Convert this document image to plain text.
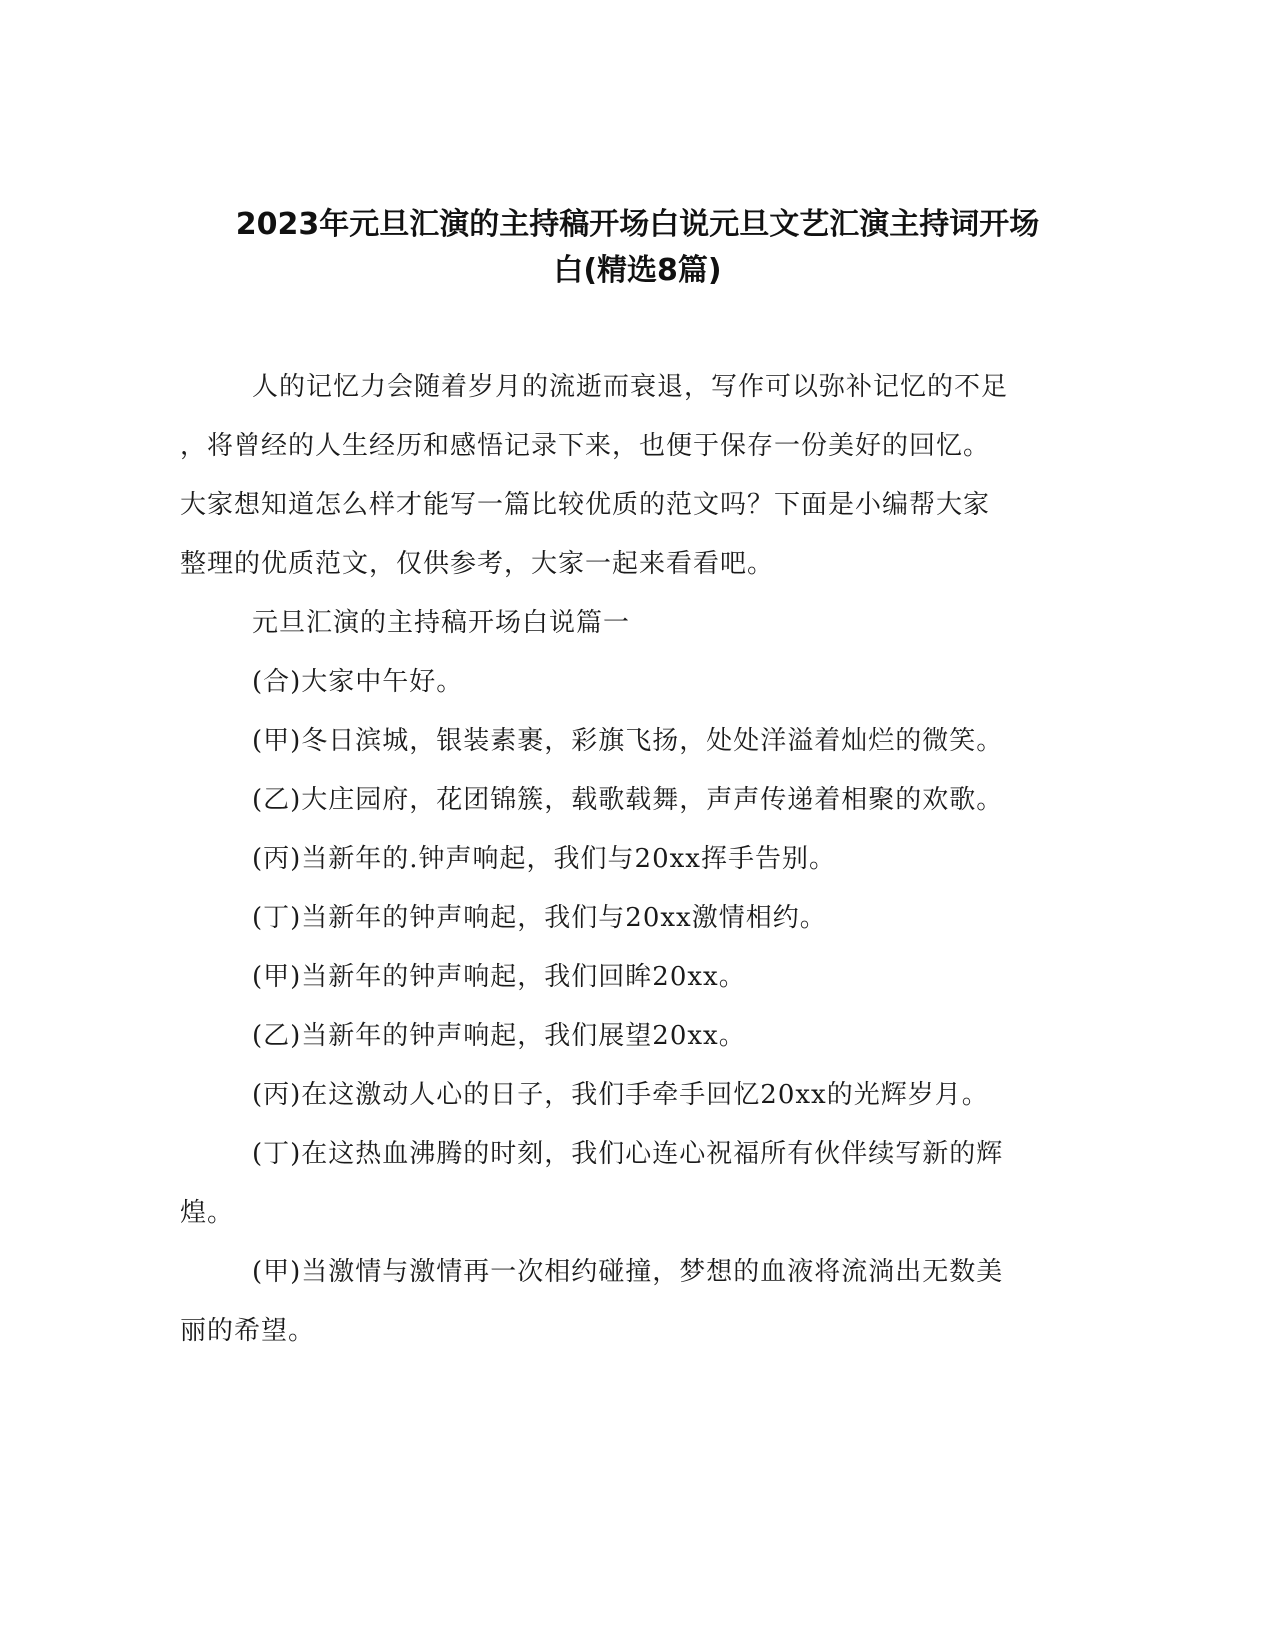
2023年元旦汇演的主持稿开场白说元旦文艺汇演主持词开场
白(精选8篇)

人的记忆力会随着岁月的流逝而衰退，写作可以弥补记忆的不足
，将曾经的人生经历和感悟记录下来，也便于保存一份美好的回忆。
大家想知道怎么样才能写一篇比较优质的范文吗？下面是小编帮大家
整理的优质范文，仅供参考，大家一起来看看吧。

元旦汇演的主持稿开场白说篇一

(合)大家中午好。

(甲)冬日滨城，银装素裹，彩旗飞扬，处处洋溢着灿烂的微笑。

(乙)大庄园府，花团锦簇，载歌载舞，声声传递着相聚的欢歌。

(丙)当新年的.钟声响起，我们与20xx挥手告别。

(丁)当新年的钟声响起，我们与20xx激情相约。

(甲)当新年的钟声响起，我们回眸20xx。

(乙)当新年的钟声响起，我们展望20xx。

(丙)在这激动人心的日子，我们手牵手回忆20xx的光辉岁月。

(丁)在这热血沸腾的时刻，我们心连心祝福所有伙伴续写新的辉
煌。

(甲)当激情与激情再一次相约碰撞，梦想的血液将流淌出无数美
丽的希望。
